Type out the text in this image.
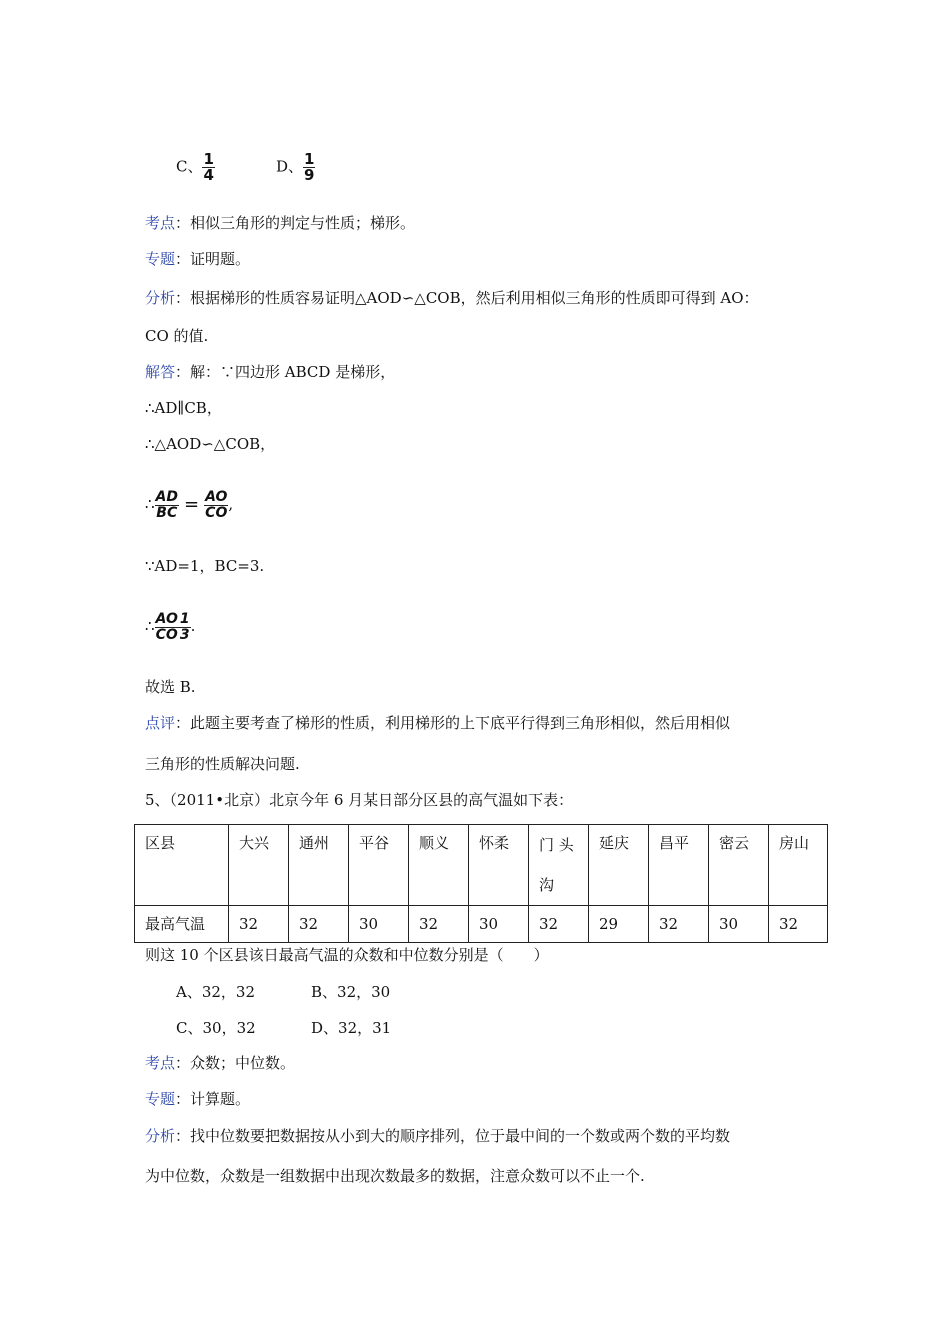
C、 $\frac{1}{4}$	D、 $\frac{1}{9}$
考点：相似三角形的判定与性质；梯形。
专题：证明题。
分析：根据梯形的性质容易证明△AOD∽△COB，然后利用相似三角形的性质即可得到 AO：
CO 的值.
解答：解：∵四边形 ABCD 是梯形，
∴AD∥CB，
∴△AOD∽△COB，
∴ $\frac{AD}{BC} = \frac{AO}{CO}$ ,
∵AD=1，BC=3.
∴ $\frac{AO}{CO} \frac{1}{3}$ .
故选 B.
点评：此题主要考查了梯形的性质，利用梯形的上下底平行得到三角形相似，然后用相似
三角形的性质解决问题.
5、（2011•北京）北京今年 6 月某日部分区县的高气温如下表：
区县	大兴	通州	平谷	顺义	怀柔	门 头 沟	延庆	昌平	密云	房山
最高气温	32	32	30	32	30	32	29	32	30	32
则这 10 个区县该日最高气温的众数和中位数分别是（　　）
A、32，32	B、32，30
C、30，32	D、32，31
考点：众数；中位数。
专题：计算题。
分析：找中位数要把数据按从小到大的顺序排列，位于最中间的一个数或两个数的平均数
为中位数，众数是一组数据中出现次数最多的数据，注意众数可以不止一个.
